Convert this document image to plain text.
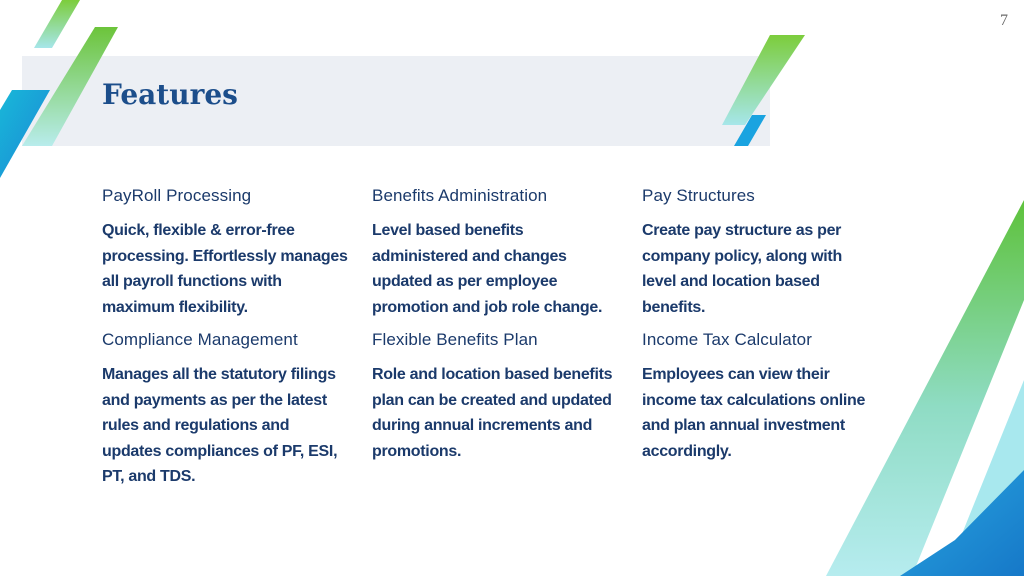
7
Features
PayRoll Processing

Quick, flexible & error-free processing. Effortlessly manages all payroll functions with maximum flexibility.

Benefits Administration

Level based benefits administered and changes updated as per employee promotion and job role change.

Pay Structures

Create pay structure as per company policy, along with level and location based benefits.

Compliance Management

Manages all the statutory filings and payments as per the latest rules and regulations and updates compliances of PF, ESI, PT, and TDS.

Flexible Benefits Plan

Role and location based benefits plan can be created and updated during annual increments and promotions.

Income Tax Calculator

Employees can view their income tax calculations online and plan annual investment accordingly.
